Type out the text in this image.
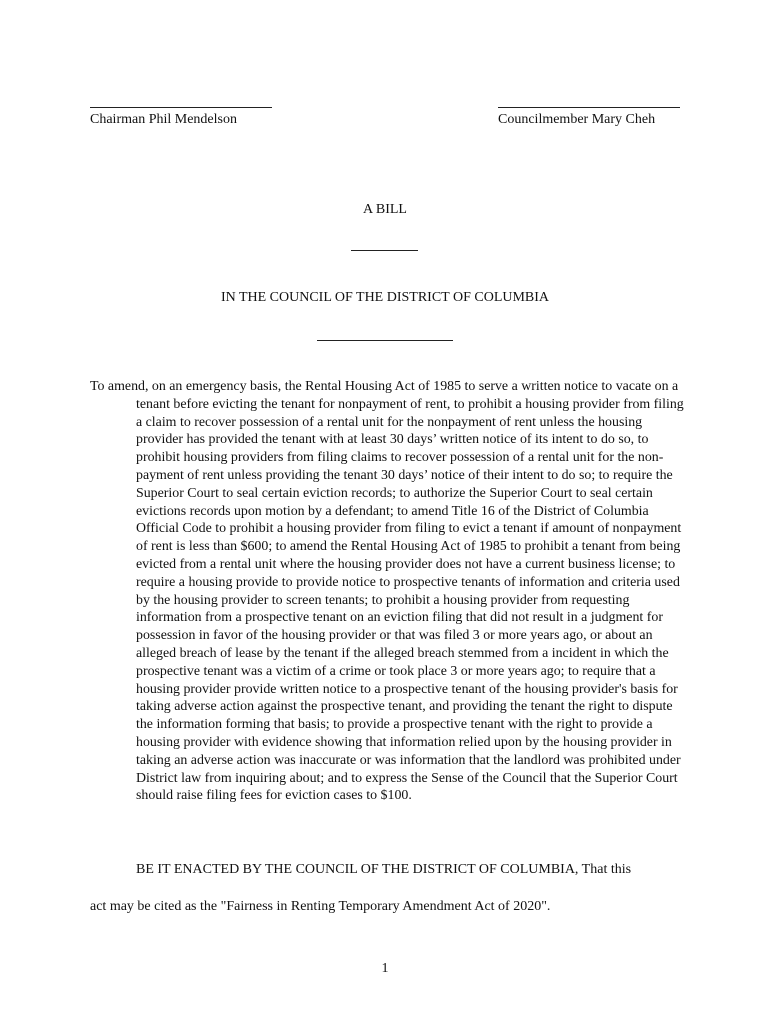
Chairman Phil Mendelson	Councilmember Mary Cheh
A BILL
IN THE COUNCIL OF THE DISTRICT OF COLUMBIA
To amend, on an emergency basis, the Rental Housing Act of 1985 to serve a written notice to vacate on a tenant before evicting the tenant for nonpayment of rent, to prohibit a housing provider from filing a claim to recover possession of a rental unit for the nonpayment of rent unless the housing provider has provided the tenant with at least 30 days’ written notice of its intent to do so, to prohibit housing providers from filing claims to recover possession of a rental unit for the non-payment of rent unless providing the tenant 30 days’ notice of their intent to do so; to require the Superior Court to seal certain eviction records; to authorize the Superior Court to seal certain evictions records upon motion by a defendant; to amend Title 16 of the District of Columbia Official Code to prohibit a housing provider from filing to evict a tenant if amount of nonpayment of rent is less than $600; to amend the Rental Housing Act of 1985 to prohibit a tenant from being evicted from a rental unit where the housing provider does not have a current business license; to require a housing provide to provide notice to prospective tenants of information and criteria used by the housing provider to screen tenants; to prohibit a housing provider from requesting information from a prospective tenant on an eviction filing that did not result in a judgment for possession in favor of the housing provider or that was filed 3 or more years ago, or about an alleged breach of lease by the tenant if the alleged breach stemmed from a incident in which the prospective tenant was a victim of a crime or took place 3 or more years ago; to require that a housing provider provide written notice to a prospective tenant of the housing provider's basis for taking adverse action against the prospective tenant, and providing the tenant the right to dispute the information forming that basis; to provide a prospective tenant with the right to provide a housing provider with evidence showing that information relied upon by the housing provider in taking an adverse action was inaccurate or was information that the landlord was prohibited under District law from inquiring about; and to express the Sense of the Council that the Superior Court should raise filing fees for eviction cases to $100.
BE IT ENACTED BY THE COUNCIL OF THE DISTRICT OF COLUMBIA, That this
act may be cited as the "Fairness in Renting Temporary Amendment Act of 2020".
1
